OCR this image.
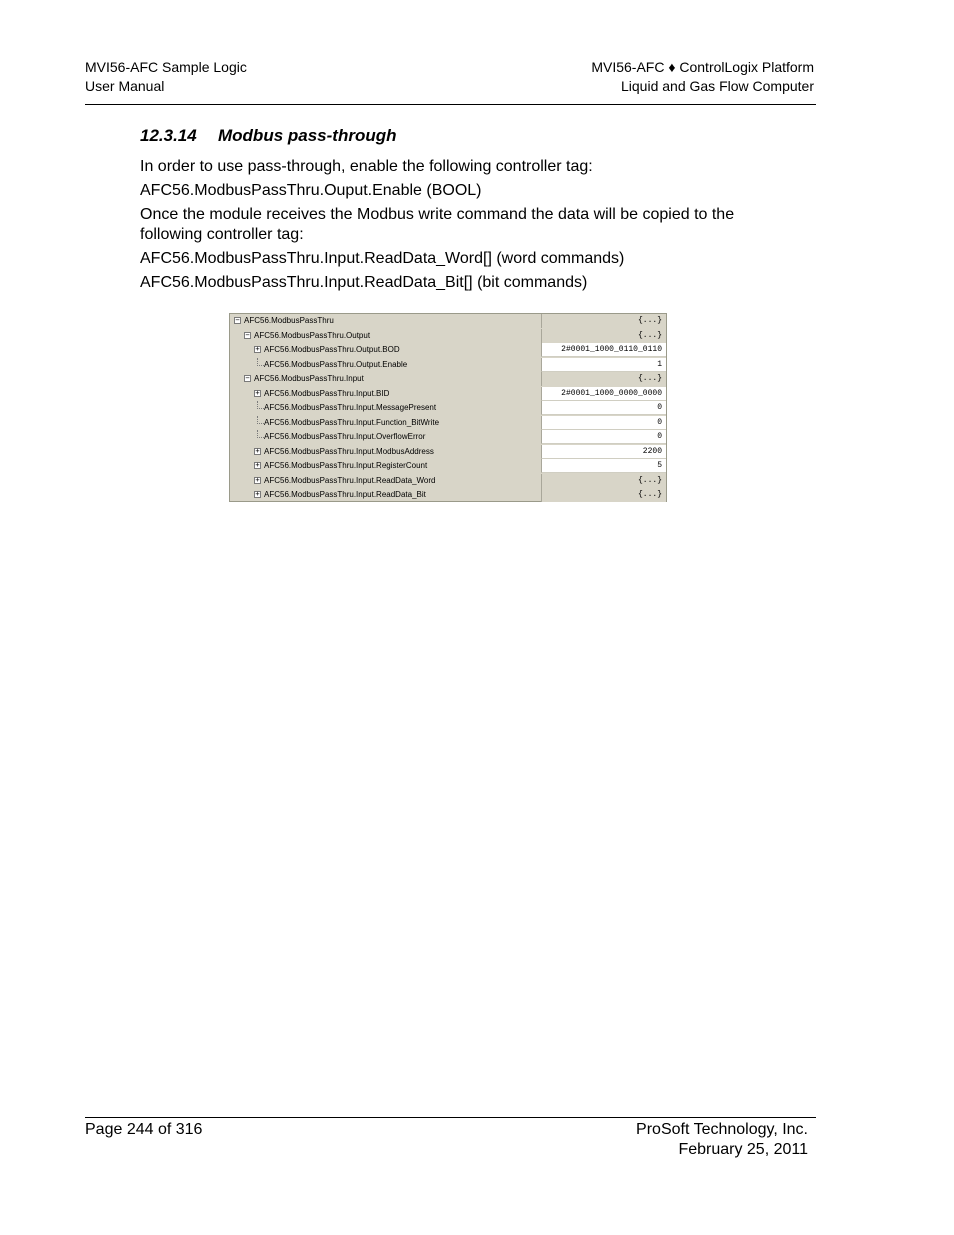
MVI56-AFC Sample Logic
User Manual
MVI56-AFC ♦ ControlLogix Platform
Liquid and Gas Flow Computer
12.3.14 Modbus pass-through

In order to use pass-through, enable the following controller tag:

AFC56.ModbusPassThru.Ouput.Enable (BOOL)

Once the module receives the Modbus write command the data will be copied to the following controller tag:

AFC56.ModbusPassThru.Input.ReadData_Word[] (word commands)

AFC56.ModbusPassThru.Input.ReadData_Bit[] (bit commands)

− AFC56.ModbusPassThru	{...}
− AFC56.ModbusPassThru.Output	{...}
+ AFC56.ModbusPassThru.Output.BOD	2#0001_1000_0110_0110
AFC56.ModbusPassThru.Output.Enable	1
− AFC56.ModbusPassThru.Input	{...}
+ AFC56.ModbusPassThru.Input.BID	2#0001_1000_0000_0000
AFC56.ModbusPassThru.Input.MessagePresent	0
AFC56.ModbusPassThru.Input.Function_BitWrite	0
AFC56.ModbusPassThru.Input.OverflowError	0
+ AFC56.ModbusPassThru.Input.ModbusAddress	2200
+ AFC56.ModbusPassThru.Input.RegisterCount	5
+ AFC56.ModbusPassThru.Input.ReadData_Word	{...}
+ AFC56.ModbusPassThru.Input.ReadData_Bit	{...}
Page 244 of 316	ProSoft Technology, Inc.
February 25, 2011
